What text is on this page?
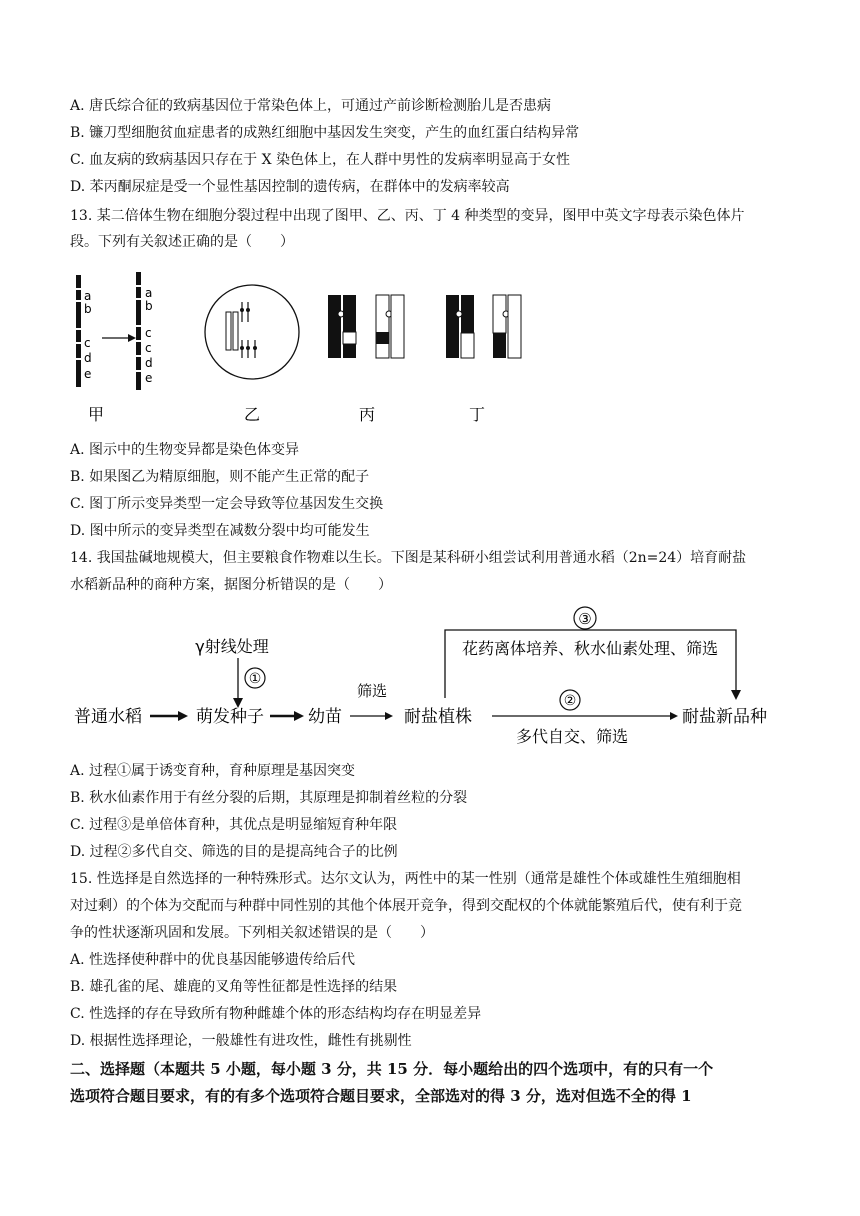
A. 唐氏综合征的致病基因位于常染色体上，可通过产前诊断检测胎儿是否患病
B. 镰刀型细胞贫血症患者的成熟红细胞中基因发生突变，产生的血红蛋白结构异常
C. 血友病的致病基因只存在于 X 染色体上，在人群中男性的发病率明显高于女性
D. 苯丙酮尿症是受一个显性基因控制的遗传病，在群体中的发病率较高
13. 某二倍体生物在细胞分裂过程中出现了图甲、乙、丙、丁 4 种类型的变异，图甲中英文字母表示染色体片
段。下列有关叙述正确的是（　　）
a
b
c
d
e
a
b
c
c
d
e
甲	乙	丙	丁
A. 图示中的生物变异都是染色体变异
B. 如果图乙为精原细胞，则不能产生正常的配子
C. 图丁所示变异类型一定会导致等位基因发生交换
D. 图中所示的变异类型在减数分裂中均可能发生
14. 我国盐碱地规模大，但主要粮食作物难以生长。下图是某科研小组尝试利用普通水稻（2n=24）培育耐盐
水稻新品种的商种方案，据图分析错误的是（　　）
③
花药离体培养、秋水仙素处理、筛选
γ射线处理
①
普通水稻	萌发种子	幼苗
筛选
耐盐植株
②
多代自交、筛选
耐盐新品种
A. 过程①属于诱变育种，育种原理是基因突变
B. 秋水仙素作用于有丝分裂的后期，其原理是抑制着丝粒的分裂
C. 过程③是单倍体育种，其优点是明显缩短育种年限
D. 过程②多代自交、筛选的目的是提高纯合子的比例
15. 性选择是自然选择的一种特殊形式。达尔文认为，两性中的某一性别（通常是雄性个体或雄性生殖细胞相
对过剩）的个体为交配而与种群中同性别的其他个体展开竞争，得到交配权的个体就能繁殖后代，使有利于竞
争的性状逐渐巩固和发展。下列相关叙述错误的是（　　）
A. 性选择使种群中的优良基因能够遗传给后代
B. 雄孔雀的尾、雄鹿的叉角等性征都是性选择的结果
C. 性选择的存在导致所有物种雌雄个体的形态结构均存在明显差异
D. 根据性选择理论，一般雄性有进攻性，雌性有挑剔性
二、选择题（本题共 5 小题，每小题 3 分，共 15 分．每小题给出的四个选项中，有的只有一个
选项符合题目要求，有的有多个选项符合题目要求，全部选对的得 3 分，选对但选不全的得 1
